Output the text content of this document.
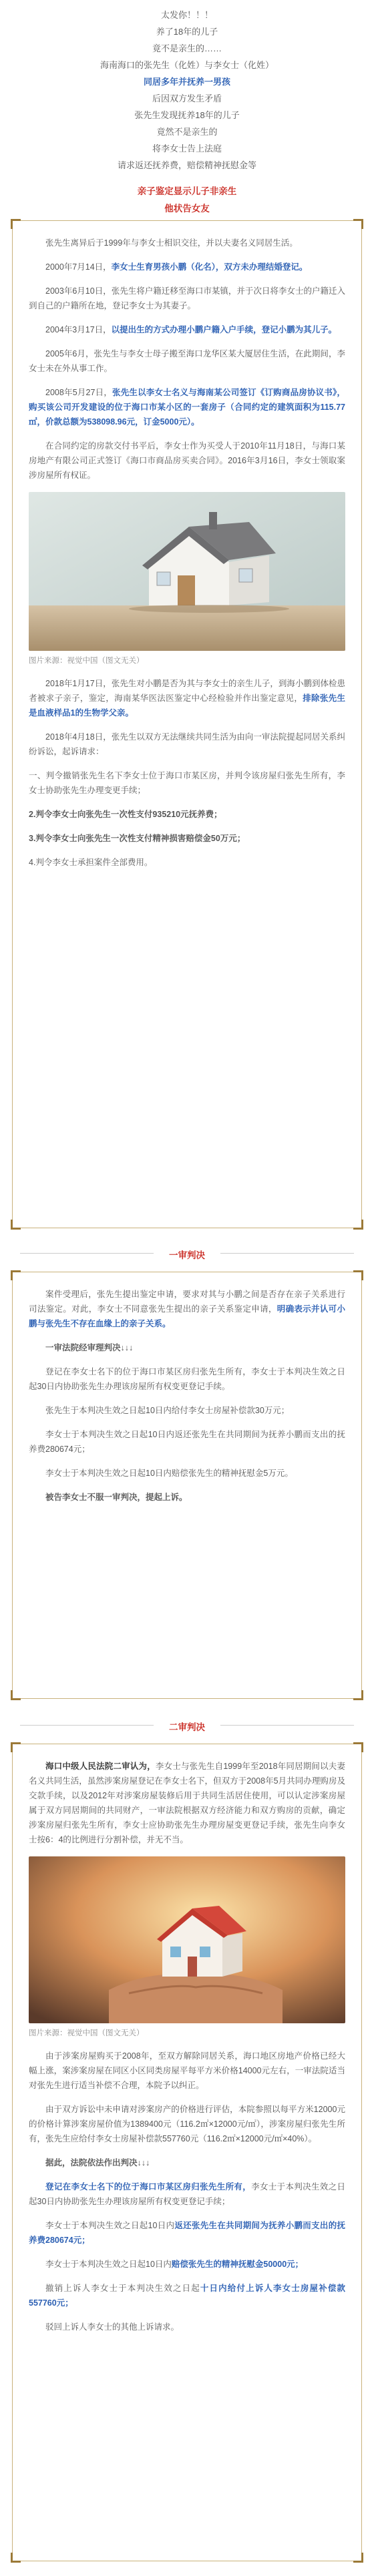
太发你！！！
养了18年的儿子
竟不是亲生的……
海南海口的张先生（化姓）与李女士（化姓）
同居多年并抚养一男孩
后因双方发生矛盾
张先生发现抚养18年的儿子
竟然不是亲生的
将李女士告上法庭
请求返还抚养费，赔偿精神抚慰金等
亲子鉴定显示儿子非亲生
他状告女友

张先生离异后于1999年与李女士相识交往，并以夫妻名义同居生活。

2000年7月14日，李女士生育男孩小鹏（化名），双方未办理结婚登记。

2003年6月10日，张先生将户籍迁移至海口市某镇，并于次日将李女士的户籍迁入到自己的户籍所在地，登记李女士为其妻子。

2004年3月17日，以提出生的方式办理小鹏户籍入户手续，登记小鹏为其儿子。

2005年6月，张先生与李女士母子搬至海口龙华区某大厦居住生活，在此期间，李女士未在外从事工作。

2008年5月27日，张先生以李女士名义与海南某公司签订《订购商品房协议书》，购买该公司开发建设的位于海口市某小区的一套房子（合同约定的建筑面积为115.77㎡，价款总额为538098.96元，订金5000元）。

在合同约定的房款交付书平后，李女士作为买受人于2010年11月18日，与海口某房地产有限公司正式签订《海口市商品房买卖合同》。2016年3月16日，李女士领取案涉房屋所有权证。

图片来源：视觉中国（图文无关）

2018年1月17日，张先生对小鹏是否为其与李女士的亲生儿子，到海小鹏到体检患者被求子亲子，鉴定，海南某华医法医鉴定中心经检验并作出鉴定意见，排除张先生是血液样品1的生物学父亲。

2018年4月18日，张先生以双方无法继续共同生活为由向一审法院提起同居关系纠纷诉讼，起诉请求：

一、判令撤销张先生名下李女士位于海口市某区房，并判令该房屋归张先生所有，李女士协助张先生办理变更手续；

2.判令李女士向张先生一次性支付935210元抚养费；

3.判令李女士向张先生一次性支付精神损害赔偿金50万元；

4.判令李女士承担案件全部费用。

一审判决

案件受理后，张先生提出鉴定申请，要求对其与小鹏之间是否存在亲子关系进行司法鉴定。对此，李女士不同意张先生提出的亲子关系鉴定申请，明确表示并认可小鹏与张先生不存在血缘上的亲子关系。

一审法院经审理判决↓↓↓

登记在李女士名下的位于海口市某区房归张先生所有，李女士于本判决生效之日起30日内协助张先生办理该房屋所有权变更登记手续。

张先生于本判决生效之日起10日内给付李女士房屋补偿款30万元；

李女士于本判决生效之日起10日内返还张先生在共同期间为抚养小鹏而支出的抚养费280674元；

李女士于本判决生效之日起10日内赔偿张先生的精神抚慰金5万元。

被告李女士不服一审判决，提起上诉。

二审判决

海口中级人民法院二审认为，李女士与张先生自1999年至2018年同居期间以夫妻名义共同生活，虽然涉案房屋登记在李女士名下，但双方于2008年5月共同办理购房及交款手续，以及2012年对涉案房屋装修后用于共同生活居住使用，可以认定涉案房屋属于双方同居期间的共同财产，一审法院根据双方经济能力和双方购房的贡献，确定涉案房屋归张先生所有，李女士应协助张先生办理房屋变更登记手续，张先生向李女士按6：4的比例进行分割补偿，并无不当。

图片来源：视觉中国（图文无关）

由于涉案房屋购买于2008年，至双方解除同居关系，海口地区房地产价格已经大幅上涨，案涉案房屋在同区小区同类房屋平每平方米价格14000元左右，一审法院适当对张先生进行适当补偿不合理，本院予以纠正。

由于双方诉讼中未申请对涉案房产的价格进行评估，本院参照以每平方米12000元的价格计算涉案房屋价值为1389400元（116.2㎡×12000元/㎡），涉案房屋归张先生所有，张先生应给付李女士房屋补偿款557760元（116.2㎡×12000元/㎡×40%）。

据此，法院依法作出判决↓↓↓

登记在李女士名下的位于海口市某区房归张先生所有，李女士于本判决生效之日起30日内协助张先生办理该房屋所有权变更登记手续；

李女士于本判决生效之日起10日内返还张先生在共同期间为抚养小鹏而支出的抚养费280674元；

李女士于本判决生效之日起10日内赔偿张先生的精神抚慰金50000元；

撤销上诉人李女士于本判决生效之日起十日内给付上诉人李女士房屋补偿款557760元；

驳回上诉人李女士的其他上诉请求。
